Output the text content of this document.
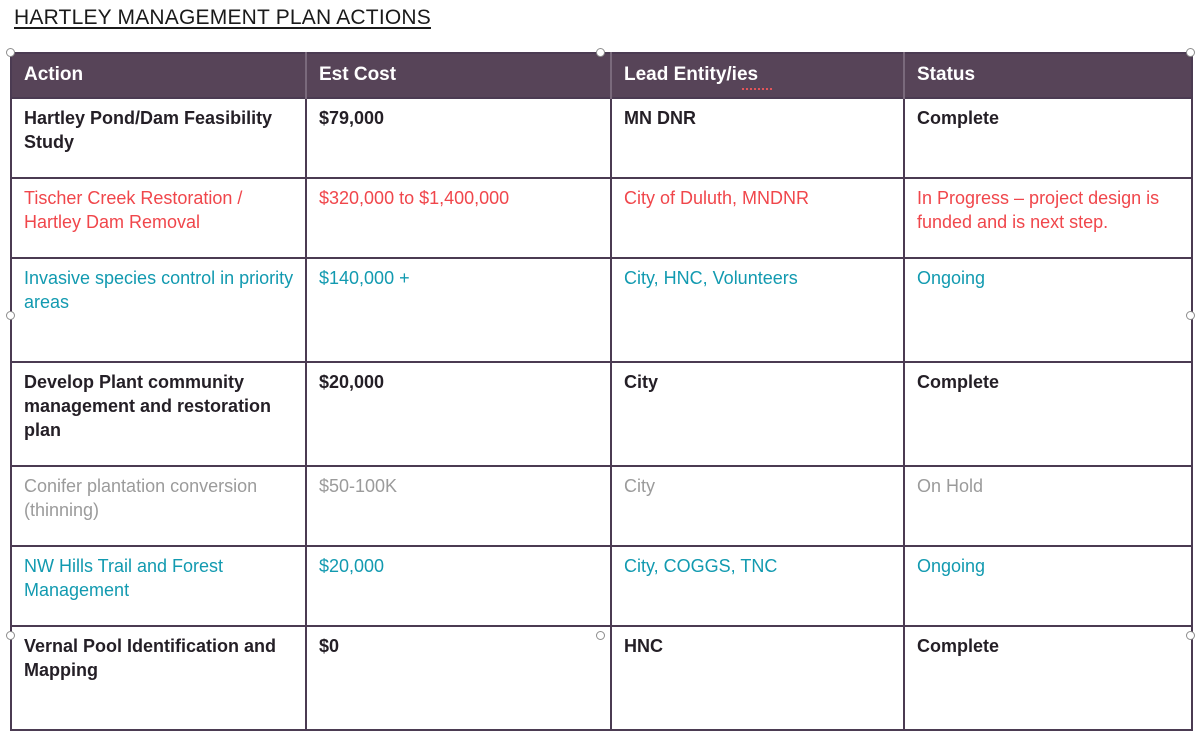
HARTLEY MANAGEMENT PLAN ACTIONS
Action	Est Cost	Lead Entity/ies	Status
Hartley Pond/Dam Feasibility Study	$79,000	MN DNR	Complete
Tischer Creek Restoration / Hartley Dam Removal	$320,000 to $1,400,000	City of Duluth, MNDNR	In Progress – project design is funded and is next step.
Invasive species control in priority areas	$140,000 +	City, HNC, Volunteers	Ongoing
Develop Plant community management and restoration plan	$20,000	City	Complete
Conifer plantation conversion (thinning)	$50-100K	City	On Hold
NW Hills Trail and Forest Management	$20,000	City, COGGS, TNC	Ongoing
Vernal Pool Identification and Mapping	$0	HNC	Complete
